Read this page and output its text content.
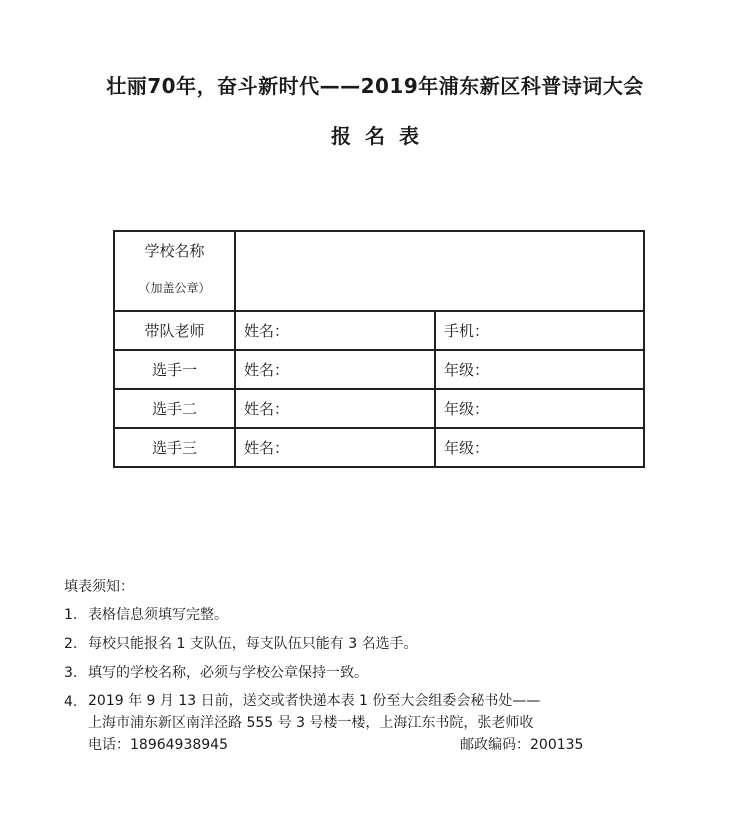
壮丽70年，奋斗新时代——2019年浦东新区科普诗词大会
报名表
学校名称
（加盖公章）		

带队老师	姓名：	手机：
选手一	姓名：	年级：
选手二	姓名：	年级：
选手三	姓名：	年级：
填表须知：
1. 表格信息须填写完整。
2. 每校只能报名 1 支队伍，每支队伍只能有 3 名选手。
3. 填写的学校名称，必须与学校公章保持一致。
4. 2019 年 9 月 13 日前，送交或者快递本表 1 份至大会组委会秘书处——
上海市浦东新区南洋泾路 555 号 3 号楼一楼，上海江东书院，张老师收
电话：18964938945	邮政编码：200135
